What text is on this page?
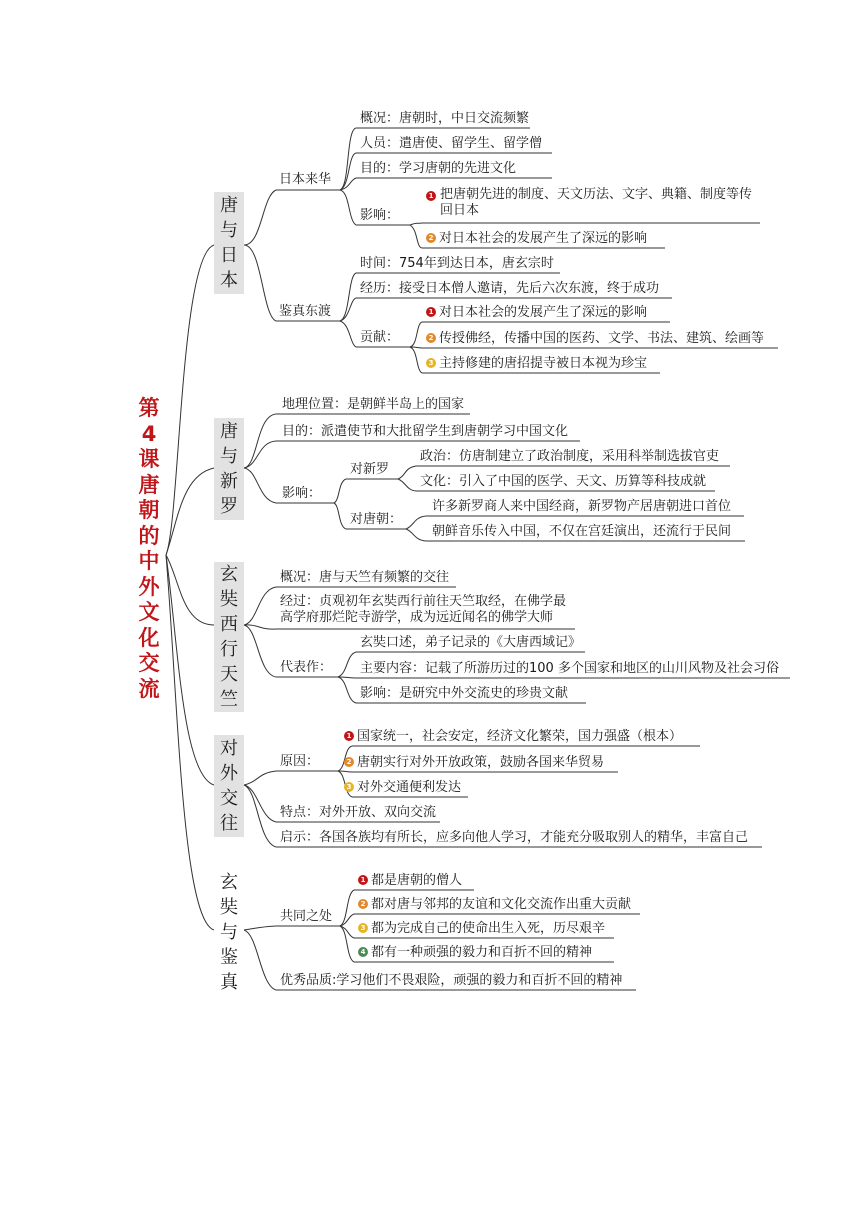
第
4
课
唐
朝
的
中
外
文
化
交
流
唐
与
日
本
唐
与
新
罗
玄
奘
西
行
天
竺
对
外
交
往
玄
奘
与
鉴
真
日本来华
概况：唐朝时，中日交流频繁
人员：遣唐使、留学生、留学僧
目的：学习唐朝的先进文化
影响：
1 把唐朝先进的制度、天文历法、文字、典籍、制度等传回日本
2 对日本社会的发展产生了深远的影响
鉴真东渡
时间：754年到达日本，唐玄宗时
经历：接受日本僧人邀请，先后六次东渡，终于成功
贡献：
1 对日本社会的发展产生了深远的影响
2 传授佛经，传播中国的医药、文学、书法、建筑、绘画等
3 主持修建的唐招提寺被日本视为珍宝
地理位置：是朝鲜半岛上的国家
目的：派遣使节和大批留学生到唐朝学习中国文化
影响：
对新罗
对唐朝：
政治：仿唐制建立了政治制度，采用科举制选拔官吏
文化：引入了中国的医学、天文、历算等科技成就
许多新罗商人来中国经商，新罗物产居唐朝进口首位
朝鲜音乐传入中国，不仅在宫廷演出，还流行于民间
概况：唐与天竺有频繁的交往
经过：贞观初年玄奘西行前往天竺取经，在佛学最高学府那烂陀寺游学，成为远近闻名的佛学大师
代表作：
玄奘口述，弟子记录的《大唐西域记》
主要内容：记载了所游历过的100 多个国家和地区的山川风物及社会习俗
影响：是研究中外交流史的珍贵文献
原因：
1 国家统一，社会安定，经济文化繁荣，国力强盛（根本）
2 唐朝实行对外开放政策，鼓励各国来华贸易
3 对外交通便利发达
特点：对外开放、双向交流
启示：各国各族均有所长，应多向他人学习，才能充分吸取别人的精华，丰富自己
共同之处
1 都是唐朝的僧人
2 都对唐与邻邦的友谊和文化交流作出重大贡献
3 都为完成自己的使命出生入死，历尽艰辛
4 都有一种顽强的毅力和百折不回的精神
优秀品质:学习他们不畏艰险，顽强的毅力和百折不回的精神
